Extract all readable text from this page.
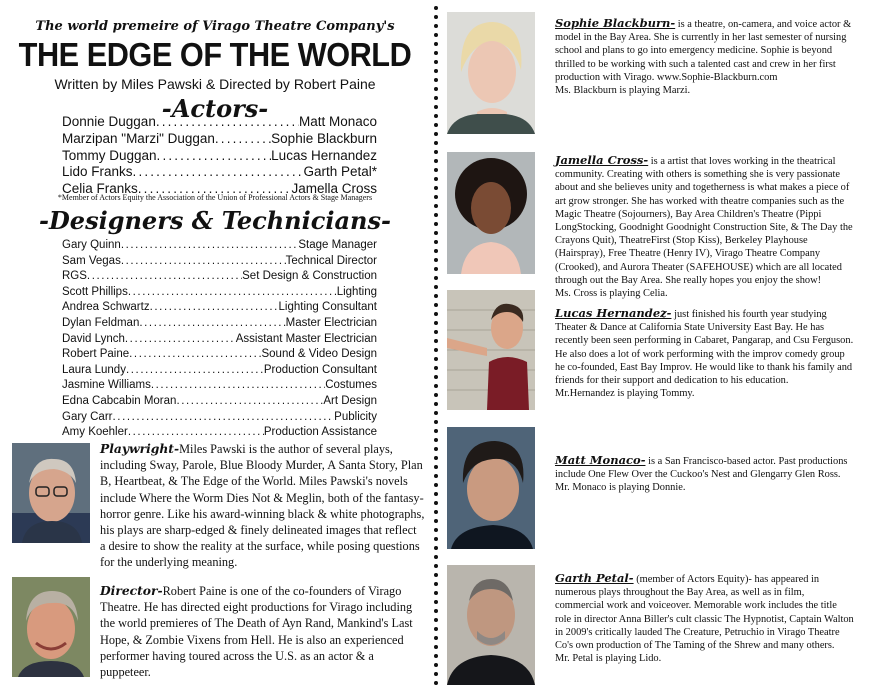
The world premeire of Virago Theatre Company's
THE EDGE OF THE WORLD
Written by Miles Pawski & Directed by Robert Paine
-Actors-
Donnie Duggan . . .	Matt Monaco
Marzipan "Marzi" Duggan . . .	Sophie Blackburn
Tommy Duggan . . .	Lucas Hernandez
Lido Franks . . .	Garth Petal*
Celia Franks . . .	Jamella Cross
*Member of Actors Equity the Association of the Union of Professional Actors & Stage Managers
-Designers & Technicians-
Gary Quinn . . .	Stage Manager
Sam Vegas . . .	Technical Director
RGS . . .	Set Design & Construction
Scott Phillips . . .	Lighting
Andrea Schwartz . . .	Lighting Consultant
Dylan Feldman . . .	Master Electrician
David Lynch . . .	Assistant Master Electrician
Robert Paine . . .	Sound & Video Design
Laura Lundy . . .	Production Consultant
Jasmine Williams . . .	Costumes
Edna Cabcabin Moran . . .	Art Design
Gary Carr . . .	Publicity
Amy Koehler . . .	Production Assistance
Playwright-Miles Pawski is the author of several plays, including Sway, Parole, Blue Bloody Murder, A Santa Story, Plan B, Heartbeat, & The Edge of the World. Miles Pawski's novels include Where the Worm Dies Not & Meglin, both of the fantasy-horror genre. Like his award-winning black & white photographs, his plays are sharp-edged & finely delineated images that reflect a desire to show the reality at the surface, while posing questions for the underlying meaning.
Director-Robert Paine is one of the co-founders of Virago Theatre. He has directed eight productions for Virago including the world premieres of The Death of Ayn Rand, Mankind's Last Hope, & Zombie Vixens from Hell. He is also an experienced performer having toured across the U.S. as an actor & a puppeteer.
Sophie Blackburn- is a theatre, on-camera, and voice actor & model in the Bay Area. She is currently in her last semester of nursing school and plans to go into emergency medicine. Sophie is beyond thrilled to be working with such a talented cast and crew in her first production with Virago. www.Sophie-Blackburn.com
Ms. Blackburn is playing Marzi.
Jamella Cross- is a artist that loves working in the theatrical community. Creating with others is something she is very passionate about and she believes unity and togetherness is what makes a piece of art grow stronger. She has worked with theatre companies such as the Magic Theatre (Sojourners), Bay Area Children's Theatre (Pippi LongStocking, Goodnight Goodnight Construction Site, & The Day the Crayons Quit), TheatreFirst (Stop Kiss), Berkeley Playhouse (Hairspray), Free Theatre (Henry IV), Virago Theatre Company (Crooked), and Aurora Theater (SAFEHOUSE) which are all located through out the Bay Area. She really hopes you enjoy the show!
Ms. Cross is playing Celia.
Lucas Hernandez- just finished his fourth year studying Theater & Dance at California State University East Bay. He has recently been seen performing in Cabaret, Pangarap, and Csu Ferguson. He also does a lot of work performing with the improv comedy group he co-founded, East Bay Improv. He would like to thank his family and friends for their support and dedication to his education.
Mr.Hernandez is playing Tommy.
Matt Monaco- is a San Francisco-based actor. Past productions include One Flew Over the Cuckoo's Nest and Glengarry Glen Ross.
Mr. Monaco is playing Donnie.
Garth Petal- (member of Actors Equity)- has appeared in numerous plays throughout the Bay Area, as well as in film, commercial work and voiceover. Memorable work includes the title role in director Anna Biller's cult classic The Hypnotist, Captain Walton in 2009's critically lauded The Creature, Petruchio in Virago Theatre Co's own production of The Taming of the Shrew and many others.
Mr. Petal is playing Lido.
